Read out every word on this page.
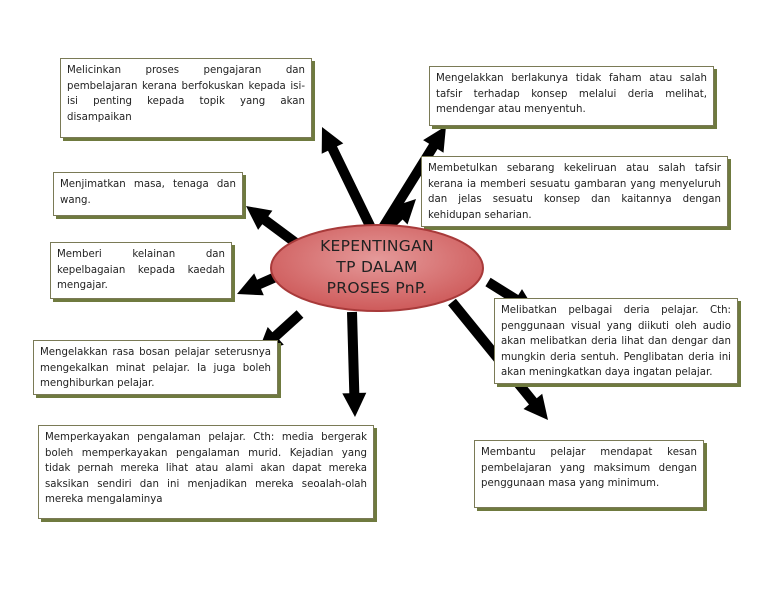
KEPENTINGAN
TP DALAM
PROSES PnP.
Melicinkan proses pengajaran dan pembelajaran kerana berfokuskan kepada isi-isi penting kepada topik yang akan disampaikan
Menjimatkan masa, tenaga dan wang.
Memberi kelainan dan kepelbagaian kepada kaedah mengajar.
Mengelakkan rasa bosan pelajar seterusnya mengekalkan minat pelajar. Ia juga boleh menghiburkan pelajar.
Memperkayakan pengalaman pelajar. Cth: media bergerak boleh memperkayakan pengalaman murid. Kejadian yang tidak pernah mereka lihat atau alami akan dapat mereka saksikan sendiri dan ini menjadikan mereka seoalah-olah mereka mengalaminya
Mengelakkan berlakunya tidak faham atau salah tafsir terhadap konsep melalui deria melihat, mendengar atau menyentuh.
Membetulkan sebarang kekeliruan atau salah tafsir kerana ia memberi sesuatu gambaran yang menyeluruh dan jelas sesuatu konsep dan kaitannya dengan kehidupan seharian.
Melibatkan pelbagai deria pelajar. Cth: penggunaan visual yang diikuti oleh audio akan melibatkan deria lihat dan dengar dan mungkin deria sentuh. Penglibatan deria ini akan meningkatkan daya ingatan pelajar.
Membantu pelajar mendapat kesan pembelajaran yang maksimum dengan penggunaan masa yang minimum.
